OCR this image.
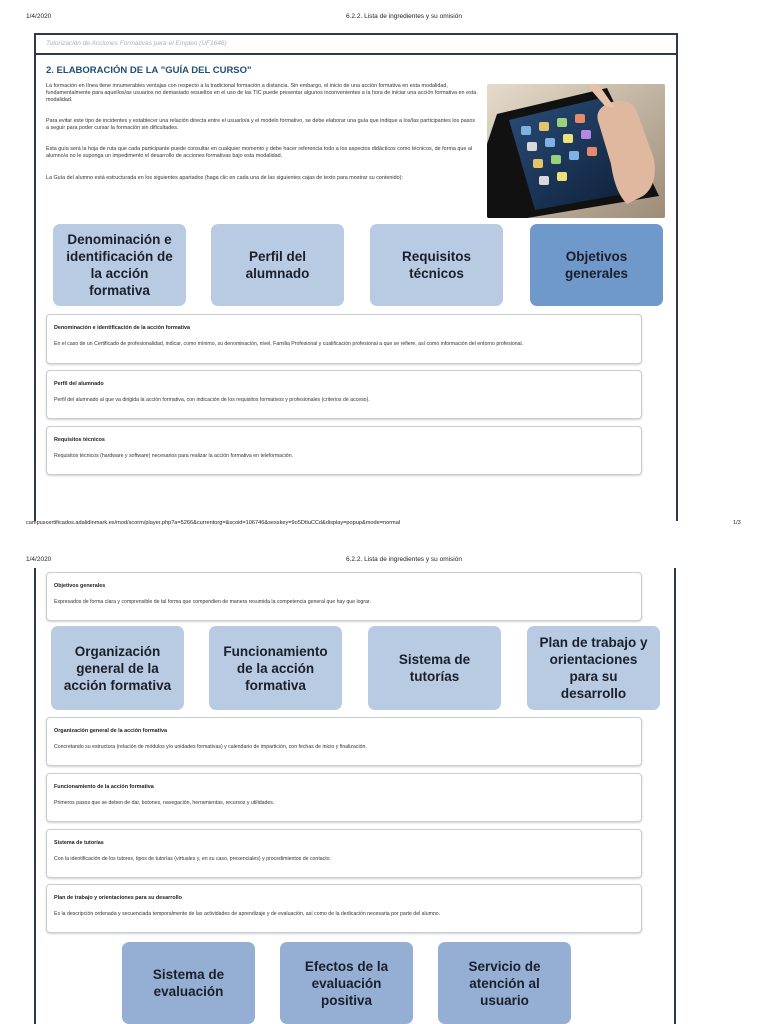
1/4/2020	6.2.2. Lista de ingredientes y su omisión
Tutorización de Acciones Formativas para el Empleo (UF1646)
2. ELABORACIÓN DE LA "GUÍA DEL CURSO"
La formación en línea tiene innumerables ventajas con respecto a la tradicional formación a distancia. Sin embargo, el inicio de una acción formativa en esta modalidad, fundamentalmente para aquellos/as usuarios no demasiado resueltos en el uso de las TIC puede presentar algunos inconvenientes a la hora de iniciar una acción formativa en esta modalidad.
Para evitar este tipo de incidentes y establecer una relación directa entre el usuario/a y el modelo formativo, se debe elaborar una guía que indique a los/las participantes los pasos a seguir para poder cursar la formación sin dificultades.
Esta guía será la hoja de ruta que cada participante puede consultar en cualquier momento y debe hacer referencia todo a los aspectos didácticos como técnicos, de forma que al alumno/a no le suponga un impedimento el desarrollo de acciones formativas bajo esta modalidad.
La Guía del alumno está estructurada en los siguientes apartados (haga clic en cada una de las siguientes cajas de texto para mostrar su contenido):
Denominación e identificación de la acción formativa
Perfil del alumnado
Requisitos técnicos
Objetivos generales
Denominación e identificación de la acción formativa
En el caso de un Certificado de profesionalidad, indicar, como mínimo, su denominación, nivel, Familia Profesional y cualificación profesional a que se refiere, así como información del entorno profesional.
Perfil del alumnado
Perfil del alumnado al que va dirigida la acción formativa, con indicación de los requisitos formativos y profesionales (criterios de acceso).
Requisitos técnicos
Requisitos técnicos (hardware y software) necesarios para realizar la acción formativa en teleformación.
campuscertificados.adalidinmark.es/mod/scorm/player.php?a=5266&currentorg=&scoid=106746&sesskey=9o5DtluCCd&display=popup&mode=normal	1/3
1/4/2020	6.2.2. Lista de ingredientes y su omisión
Objetivos generales
Expresados de forma clara y comprensible de tal forma que compendien de manera resumida la competencia general que hay que lograr.
Organización general de la acción formativa
Funcionamiento de la acción formativa
Sistema de tutorías
Plan de trabajo y orientaciones para su desarrollo
Organización general de la acción formativa
Concretando su estructura (relación de módulos y/o unidades formativas) y calendario de impartición, con fechas de inicio y finalización.
Funcionamiento de la acción formativa
Primeros pasos que se deben de dar, botones, navegación, herramientas, recursos y utilidades.
Sistema de tutorías
Con la identificación de los tutores, tipos de tutorías (virtuales y, en su caso, presenciales) y procedimientos de contacto.
Plan de trabajo y orientaciones para su desarrollo
Es la descripción ordenada y secuenciada temporalmente de las actividades de aprendizaje y de evaluación, así como de la dedicación necesaria por parte del alumno.
Sistema de evaluación
Efectos de la evaluación positiva
Servicio de atención al usuario
